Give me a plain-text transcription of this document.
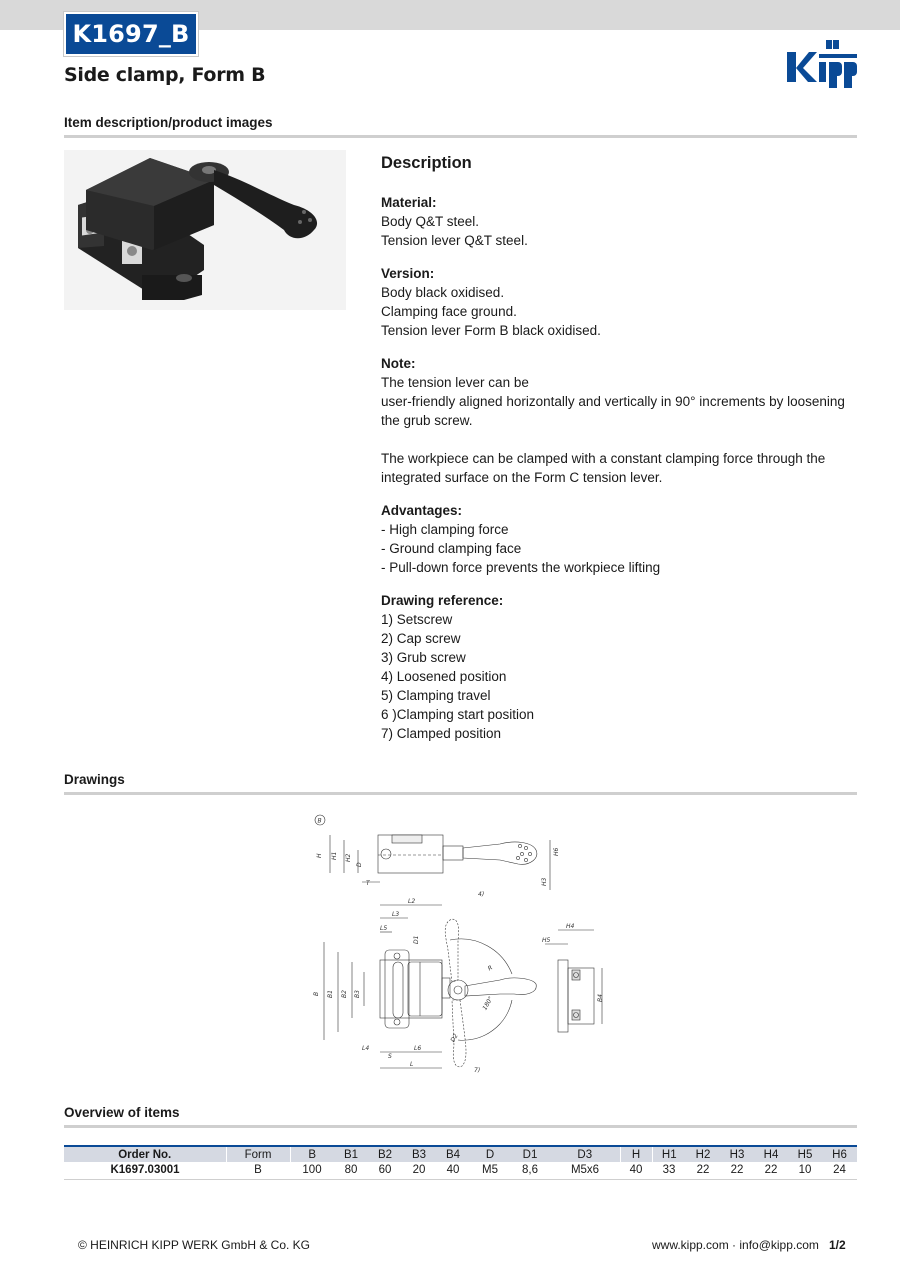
K1697_B
Side clamp, Form B
Kipp
Item description/product images
Description
Material:
Body Q&T steel.
Tension lever Q&T steel.
Version:
Body black oxidised.
Clamping face ground.
Tension lever Form B black oxidised.
Note:
The tension lever can be
user-friendly aligned horizontally and vertically in 90° increments by loosening the grub screw.
The workpiece can be clamped with a constant clamping force through the integrated surface on the Form C tension lever.
Advantages:
- High clamping force
- Ground clamping face
- Pull-down force prevents the workpiece lifting
Drawing reference:
1) Setscrew
2) Cap screw
3) Grub screw
4) Loosened position
5) Clamping travel
6 )Clamping start position
7) Clamped position
Drawings
B
H H1 H2
D
T
H6
H3
L2
L3
L5
D1
B B1 B2 B3
R
180°
D2
L4
S
L6
L
4)
7)
H4
H5
B4
Overview of items
Order No.	Form	B	B1	B2	B3	B4	D	D1	D3	H	H1	H2	H3	H4	H5	H6
K1697.03001	B	100	80	60	20	40	M5	8,6	M5x6	40	33	22	22	22	10	24
© HEINRICH KIPP WERK GmbH & Co. KG	www.kipp.com · info@kipp.com 1/2
